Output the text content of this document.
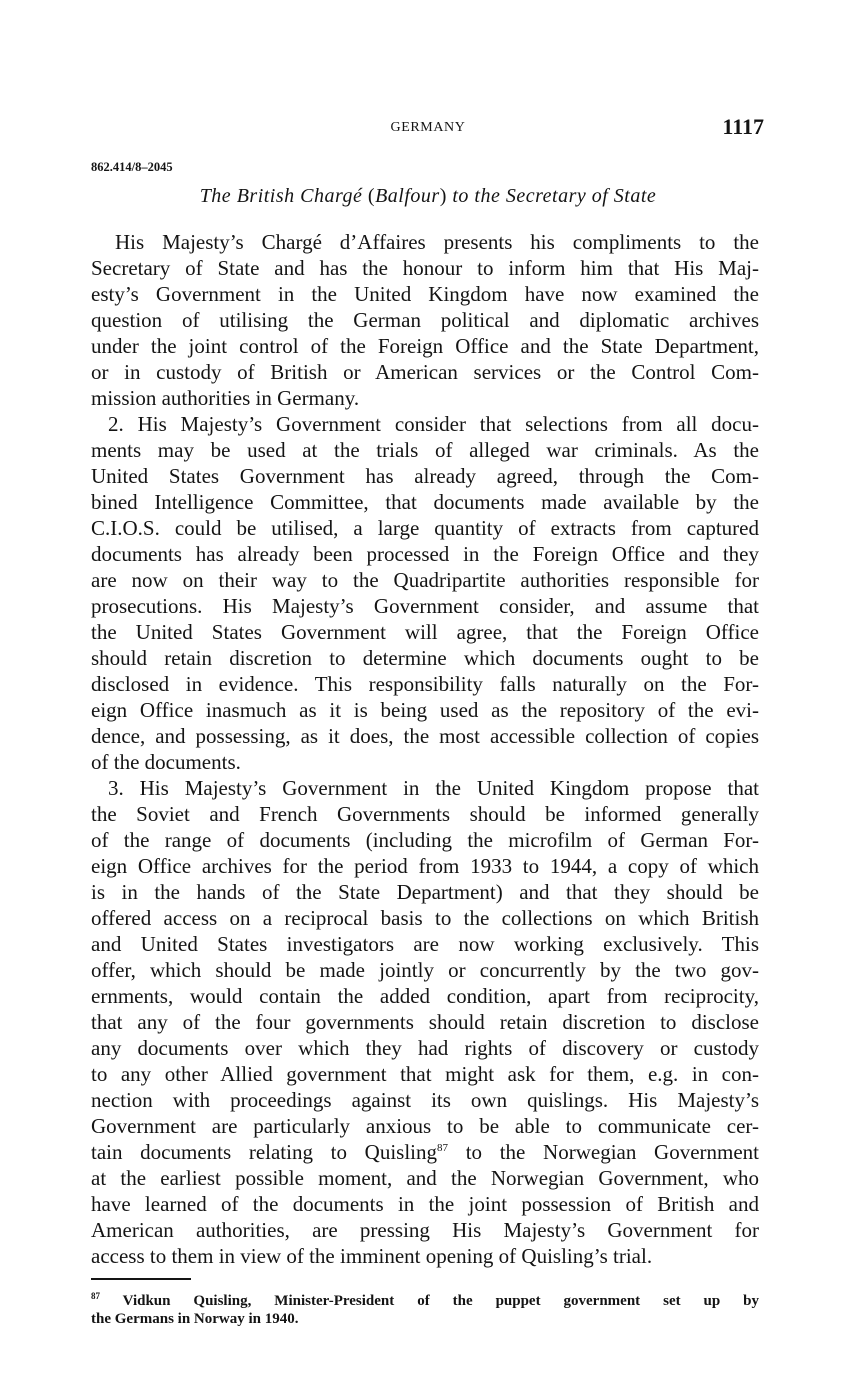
GERMANY	1117
862.414/8–2045
The British Chargé (Balfour) to the Secretary of State
His Majesty’s Chargé d’Affaires presents his compliments to the
Secretary of State and has the honour to inform him that His Maj-
esty’s Government in the United Kingdom have now examined the
question of utilising the German political and diplomatic archives
under the joint control of the Foreign Office and the State Department,
or in custody of British or American services or the Control Com-
mission authorities in Germany.
2. His Majesty’s Government consider that selections from all docu-
ments may be used at the trials of alleged war criminals. As the
United States Government has already agreed, through the Com-
bined Intelligence Committee, that documents made available by the
C.I.O.S. could be utilised, a large quantity of extracts from captured
documents has already been processed in the Foreign Office and they
are now on their way to the Quadripartite authorities responsible for
prosecutions. His Majesty’s Government consider, and assume that
the United States Government will agree, that the Foreign Office
should retain discretion to determine which documents ought to be
disclosed in evidence. This responsibility falls naturally on the For-
eign Office inasmuch as it is being used as the repository of the evi-
dence, and possessing, as it does, the most accessible collection of copies
of the documents.
3. His Majesty’s Government in the United Kingdom propose that
the Soviet and French Governments should be informed generally
of the range of documents (including the microfilm of German For-
eign Office archives for the period from 1933 to 1944, a copy of which
is in the hands of the State Department) and that they should be
offered access on a reciprocal basis to the collections on which British
and United States investigators are now working exclusively. This
offer, which should be made jointly or concurrently by the two gov-
ernments, would contain the added condition, apart from reciprocity,
that any of the four governments should retain discretion to disclose
any documents over which they had rights of discovery or custody
to any other Allied government that might ask for them, e.g. in con-
nection with proceedings against its own quislings. His Majesty’s
Government are particularly anxious to be able to communicate cer-
tain documents relating to Quisling$^{87}$ to the Norwegian Government
at the earliest possible moment, and the Norwegian Government, who
have learned of the documents in the joint possession of British and
American authorities, are pressing His Majesty’s Government for
access to them in view of the imminent opening of Quisling’s trial.
$^{87}$ Vidkun Quisling, Minister-President of the puppet government set up by
the Germans in Norway in 1940.
